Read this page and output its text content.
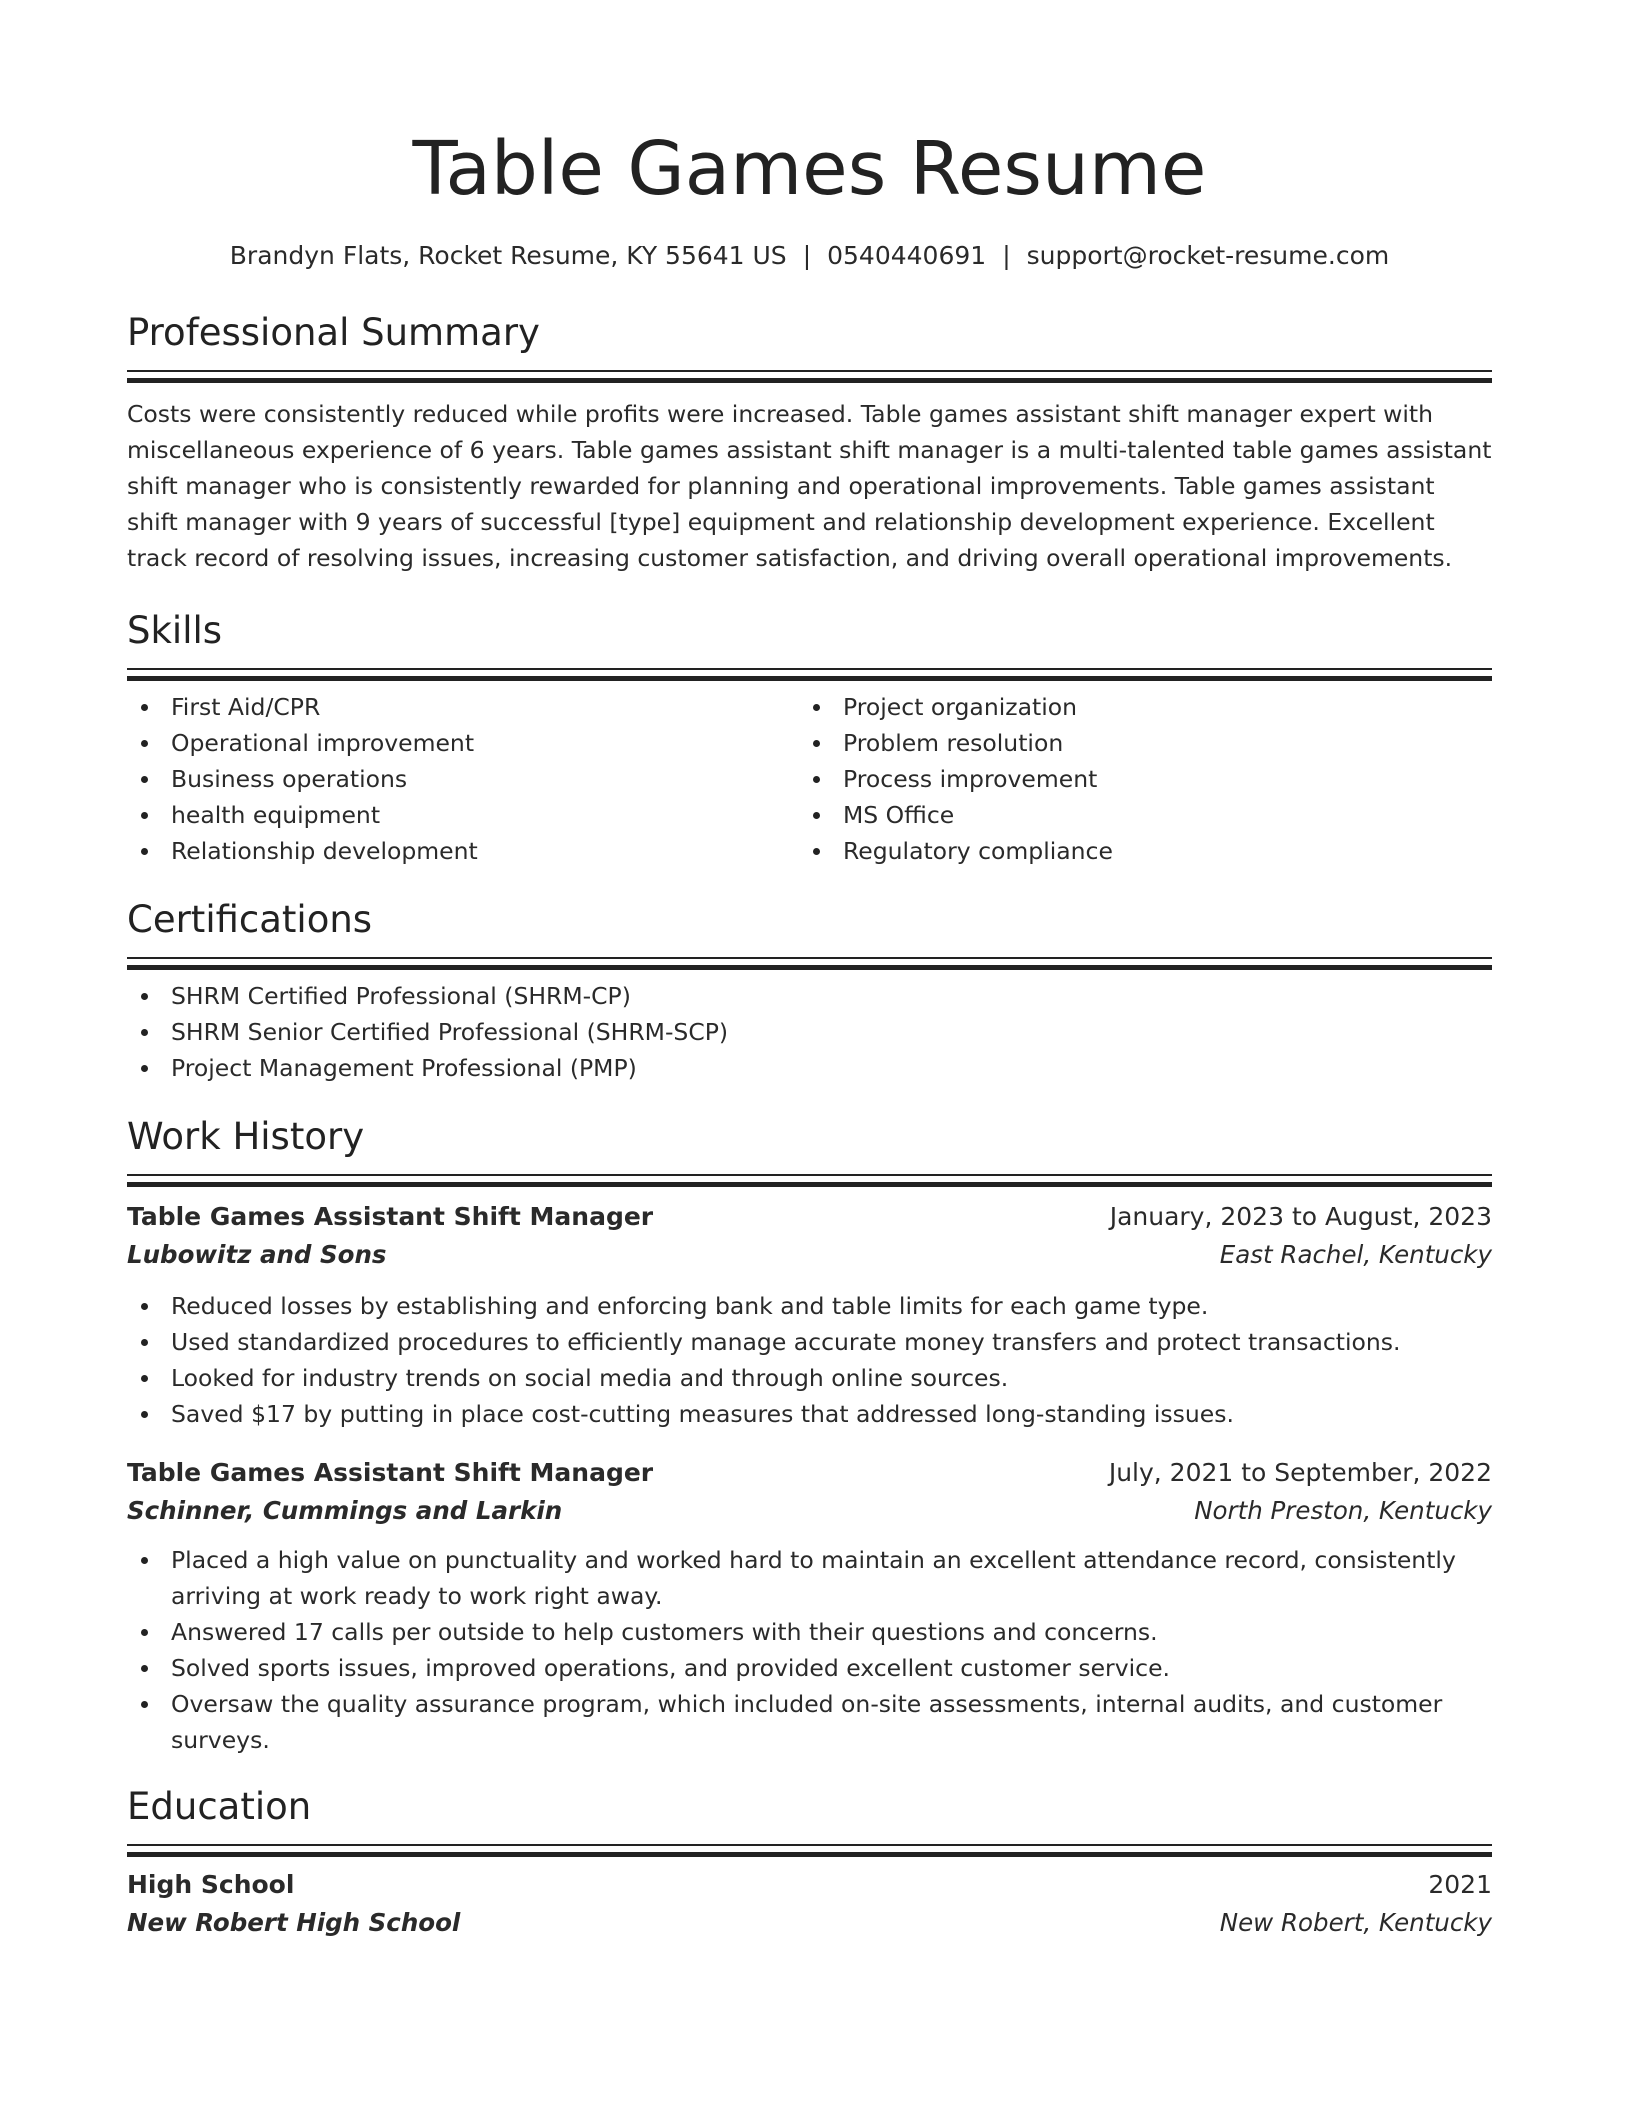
Table Games Resume
Brandyn Flats, Rocket Resume, KY 55641 US | 0540440691 | support@rocket-resume.com
Professional Summary

Costs were consistently reduced while profits were increased. Table games assistant shift manager expert with miscellaneous experience of 6 years. Table games assistant shift manager is a multi-talented table games assistant shift manager who is consistently rewarded for planning and operational improvements. Table games assistant shift manager with 9 years of successful [type] equipment and relationship development experience. Excellent track record of resolving issues, increasing customer satisfaction, and driving overall operational improvements.

Skills
First Aid/CPR
Operational improvement
Business operations
health equipment
Relationship development
Project organization
Problem resolution
Process improvement
MS Office
Regulatory compliance
Certifications
SHRM Certified Professional (SHRM-CP)
SHRM Senior Certified Professional (SHRM-SCP)
Project Management Professional (PMP)
Work History
Table Games Assistant Shift Manager	January, 2023 to August, 2023
Lubowitz and Sons	East Rachel, Kentucky
Reduced losses by establishing and enforcing bank and table limits for each game type.
Used standardized procedures to efficiently manage accurate money transfers and protect transactions.
Looked for industry trends on social media and through online sources.
Saved $17 by putting in place cost-cutting measures that addressed long-standing issues.
Table Games Assistant Shift Manager	July, 2021 to September, 2022
Schinner, Cummings and Larkin	North Preston, Kentucky
Placed a high value on punctuality and worked hard to maintain an excellent attendance record, consistently arriving at work ready to work right away.
Answered 17 calls per outside to help customers with their questions and concerns.
Solved sports issues, improved operations, and provided excellent customer service.
Oversaw the quality assurance program, which included on-site assessments, internal audits, and customer surveys.
Education
High School	2021
New Robert High School	New Robert, Kentucky
